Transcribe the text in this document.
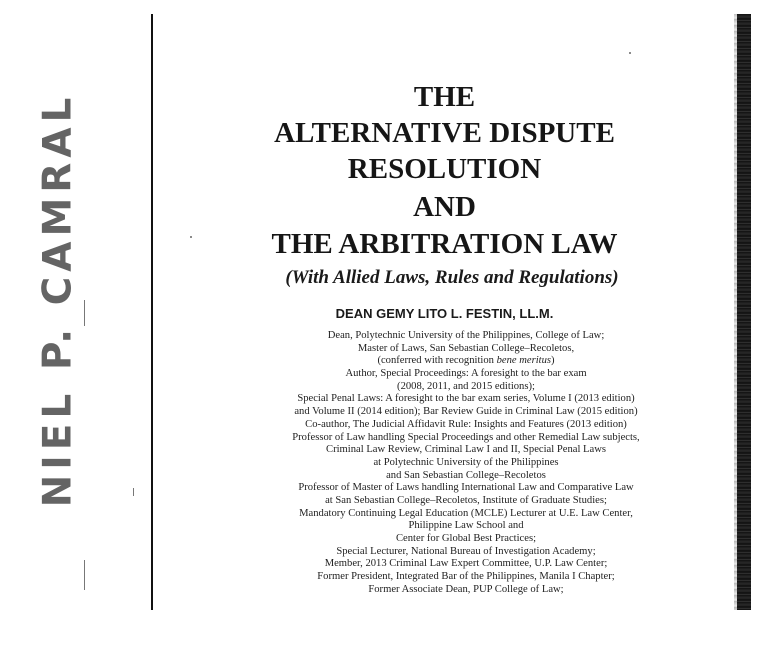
NIEL P. CAMRAL	THE

ALTERNATIVE DISPUTE

RESOLUTION

AND

THE ARBITRATION LAW

(With Allied Laws, Rules and Regulations)
DEAN GEMY LITO L. FESTIN, LL.M.
Dean, Polytechnic University of the Philippines, College of Law;
Master of Laws, San Sebastian College–Recoletos,
(conferred with recognition bene meritus)
Author, Special Proceedings: A foresight to the bar exam
(2008, 2011, and 2015 editions);
Special Penal Laws: A foresight to the bar exam series, Volume I (2013 edition)
and Volume II (2014 edition); Bar Review Guide in Criminal Law (2015 edition)
Co-author, The Judicial Affidavit Rule: Insights and Features (2013 edition)
Professor of Law handling Special Proceedings and other Remedial Law subjects,
Criminal Law Review, Criminal Law I and II, Special Penal Laws
at Polytechnic University of the Philippines
and San Sebastian College–Recoletos
Professor of Master of Laws handling International Law and Comparative Law
at San Sebastian College–Recoletos, Institute of Graduate Studies;
Mandatory Continuing Legal Education (MCLE) Lecturer at U.E. Law Center,
Philippine Law School and
Center for Global Best Practices;
Special Lecturer, National Bureau of Investigation Academy;
Member, 2013 Criminal Law Expert Committee, U.P. Law Center;
Former President, Integrated Bar of the Philippines, Manila I Chapter;
Former Associate Dean, PUP College of Law;
